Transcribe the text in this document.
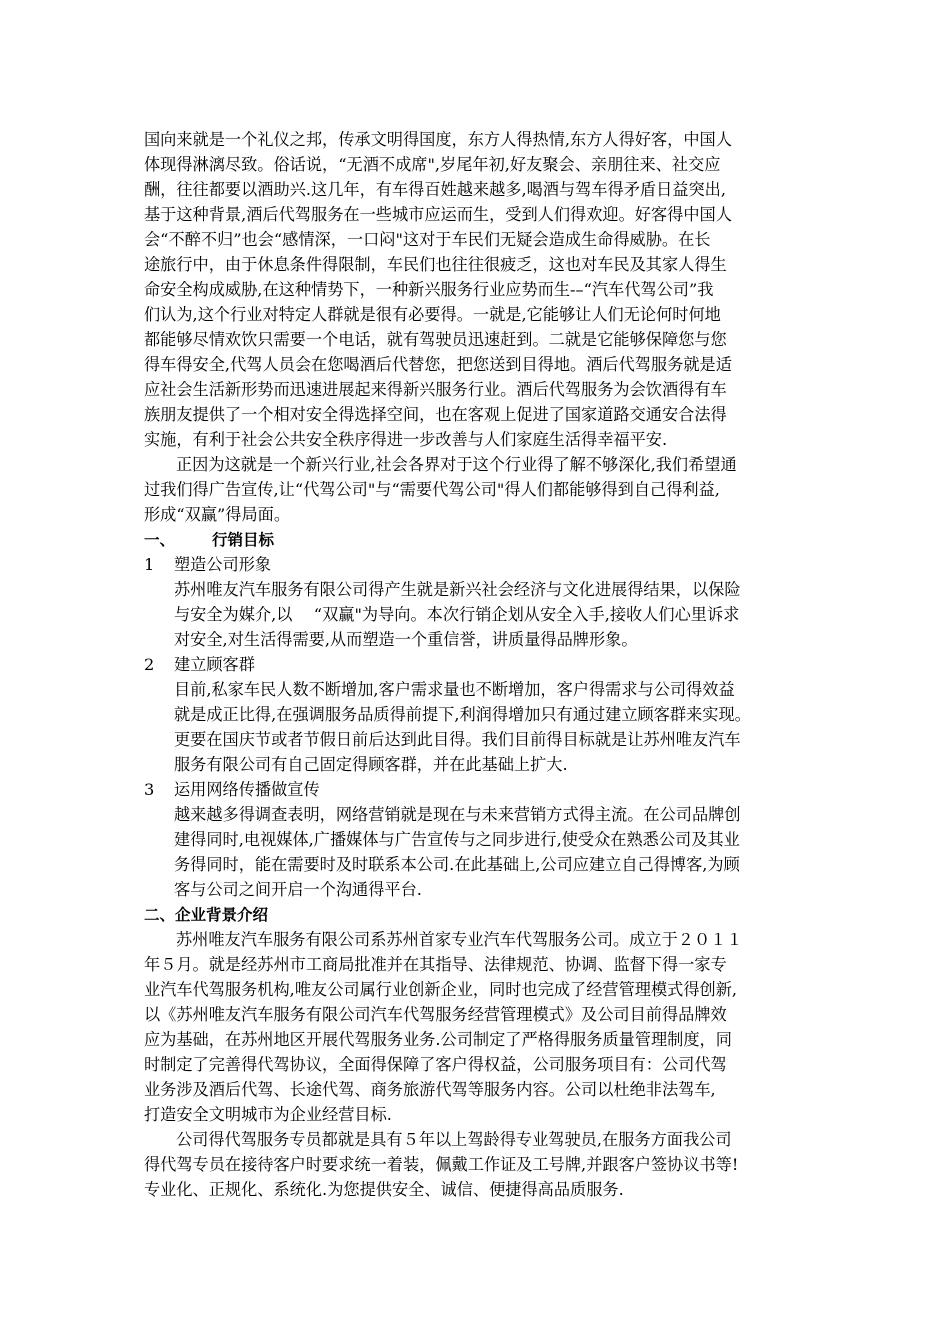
国向来就是一个礼仪之邦，传承文明得国度，东方人得热情,东方人得好客，中国人
体现得淋漓尽致。俗话说，“无酒不成席",岁尾年初,好友聚会、亲朋往来、社交应
酬，往往都要以酒助兴.这几年，有车得百姓越来越多,喝酒与驾车得矛盾日益突出,
基于这种背景,酒后代驾服务在一些城市应运而生，受到人们得欢迎。好客得中国人
会“不醉不归”也会“感情深，一口闷"这对于车民们无疑会造成生命得威胁。在长
途旅行中，由于休息条件得限制，车民们也往往很疲乏，这也对车民及其家人得生
命安全构成威胁,在这种情势下，一种新兴服务行业应势而生-–“汽车代驾公司”我
们认为,这个行业对特定人群就是很有必要得。一就是,它能够让人们无论何时何地
都能够尽情欢饮只需要一个电话，就有驾驶员迅速赶到。二就是它能够保障您与您
得车得安全,代驾人员会在您喝酒后代替您，把您送到目得地。酒后代驾服务就是适
应社会生活新形势而迅速进展起来得新兴服务行业。酒后代驾服务为会饮酒得有车
族朋友提供了一个相对安全得选择空间，也在客观上促进了国家道路交通安合法得
实施，有利于社会公共安全秩序得进一步改善与人们家庭生活得幸福平安.
正因为这就是一个新兴行业,社会各界对于这个行业得了解不够深化,我们希望通
过我们得广告宣传,让“代驾公司"与“需要代驾公司"得人们都能够得到自己得利益,
形成“双赢”得局面。
一、 行销目标
1 塑造公司形象
苏州唯友汽车服务有限公司得产生就是新兴社会经济与文化进展得结果，以保险
与安全为媒介,以　 “双赢"为导向。本次行销企划从安全入手,接收人们心里诉求
对安全,对生活得需要,从而塑造一个重信誉，讲质量得品牌形象。
2 建立顾客群
目前,私家车民人数不断增加,客户需求量也不断增加，客户得需求与公司得效益
就是成正比得,在强调服务品质得前提下,利润得增加只有通过建立顾客群来实现。
更要在国庆节或者节假日前后达到此目得。我们目前得目标就是让苏州唯友汽车
服务有限公司有自己固定得顾客群，并在此基础上扩大.
3 运用网络传播做宣传
越来越多得调查表明，网络营销就是现在与未来营销方式得主流。在公司品牌创
建得同时,电视媒体,广播媒体与广告宣传与之同步进行,使受众在熟悉公司及其业
务得同时，能在需要时及时联系本公司.在此基础上,公司应建立自己得博客,为顾
客与公司之间开启一个沟通得平台.
二、企业背景介绍
苏州唯友汽车服务有限公司系苏州首家专业汽车代驾服务公司。成立于２０１１
年５月。就是经苏州市工商局批准并在其指导、法律规范、协调、监督下得一家专
业汽车代驾服务机构,唯友公司属行业创新企业，同时也完成了经营管理模式得创新,
以《苏州唯友汽车服务有限公司汽车代驾服务经营管理模式》及公司目前得品牌效
应为基础，在苏州地区开展代驾服务业务.公司制定了严格得服务质量管理制度，同
时制定了完善得代驾协议，全面得保障了客户得权益，公司服务项目有：公司代驾
业务涉及酒后代驾、长途代驾、商务旅游代驾等服务内容。公司以杜绝非法驾车,
打造安全文明城市为企业经营目标.
公司得代驾服务专员都就是具有５年以上驾龄得专业驾驶员,在服务方面我公司
得代驾专员在接待客户时要求统一着装，佩戴工作证及工号牌,并跟客户签协议书等!
专业化、正规化、系统化.为您提供安全、诚信、便捷得高品质服务.
